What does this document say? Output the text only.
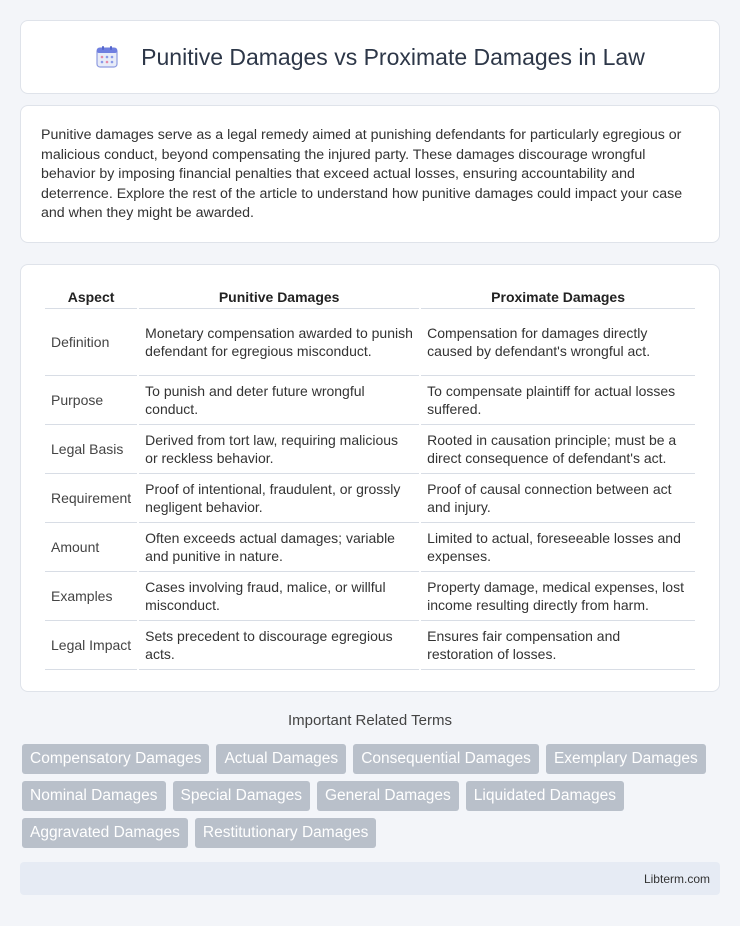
Punitive Damages vs Proximate Damages in Law

Punitive damages serve as a legal remedy aimed at punishing defendants for particularly egregious or malicious conduct, beyond compensating the injured party. These damages discourage wrongful behavior by imposing financial penalties that exceed actual losses, ensuring accountability and deterrence. Explore the rest of the article to understand how punitive damages could impact your case and when they might be awarded.

Aspect	Punitive Damages	Proximate Damages
Definition	Monetary compensation awarded to punish defendant for egregious misconduct.	Compensation for damages directly caused by defendant's wrongful act.
Purpose	To punish and deter future wrongful conduct.	To compensate plaintiff for actual losses suffered.
Legal Basis	Derived from tort law, requiring malicious or reckless behavior.	Rooted in causation principle; must be a direct consequence of defendant's act.
Requirement	Proof of intentional, fraudulent, or grossly negligent behavior.	Proof of causal connection between act and injury.
Amount	Often exceeds actual damages; variable and punitive in nature.	Limited to actual, foreseeable losses and expenses.
Examples	Cases involving fraud, malice, or willful misconduct.	Property damage, medical expenses, lost income resulting directly from harm.
Legal Impact	Sets precedent to discourage egregious acts.	Ensures fair compensation and restoration of losses.
Important Related Terms
Compensatory Damages	Actual Damages	Consequential Damages	Exemplary Damages
Nominal Damages	Special Damages	General Damages	Liquidated Damages
Aggravated Damages	Restitutionary Damages
Libterm.com
